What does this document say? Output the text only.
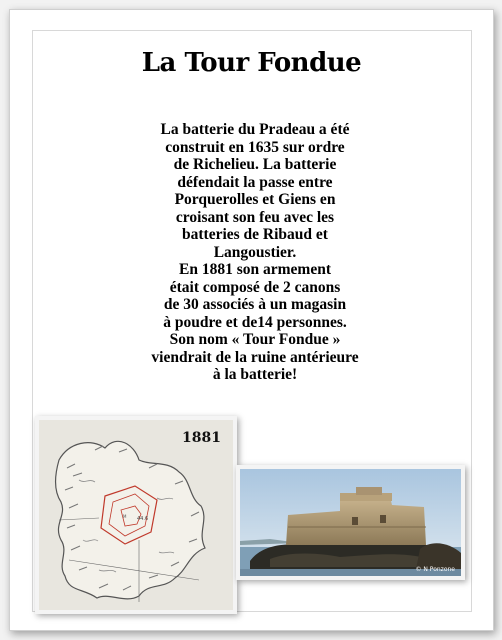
La Tour Fondue
La batterie du Pradeau a été
construit en 1635 sur ordre
de Richelieu. La batterie
défendait la passe entre
Porquerolles et Giens en
croisant son feu avec les
batteries de Ribaud et
Langoustier.
En 1881 son armement
était composé de 2 canons
de 30 associés à un magasin
à poudre et de14 personnes.
Son nom « Tour Fondue »
viendrait de la ruine antérieure
à la batterie!
44.6
M
1881
© N Ponzone
